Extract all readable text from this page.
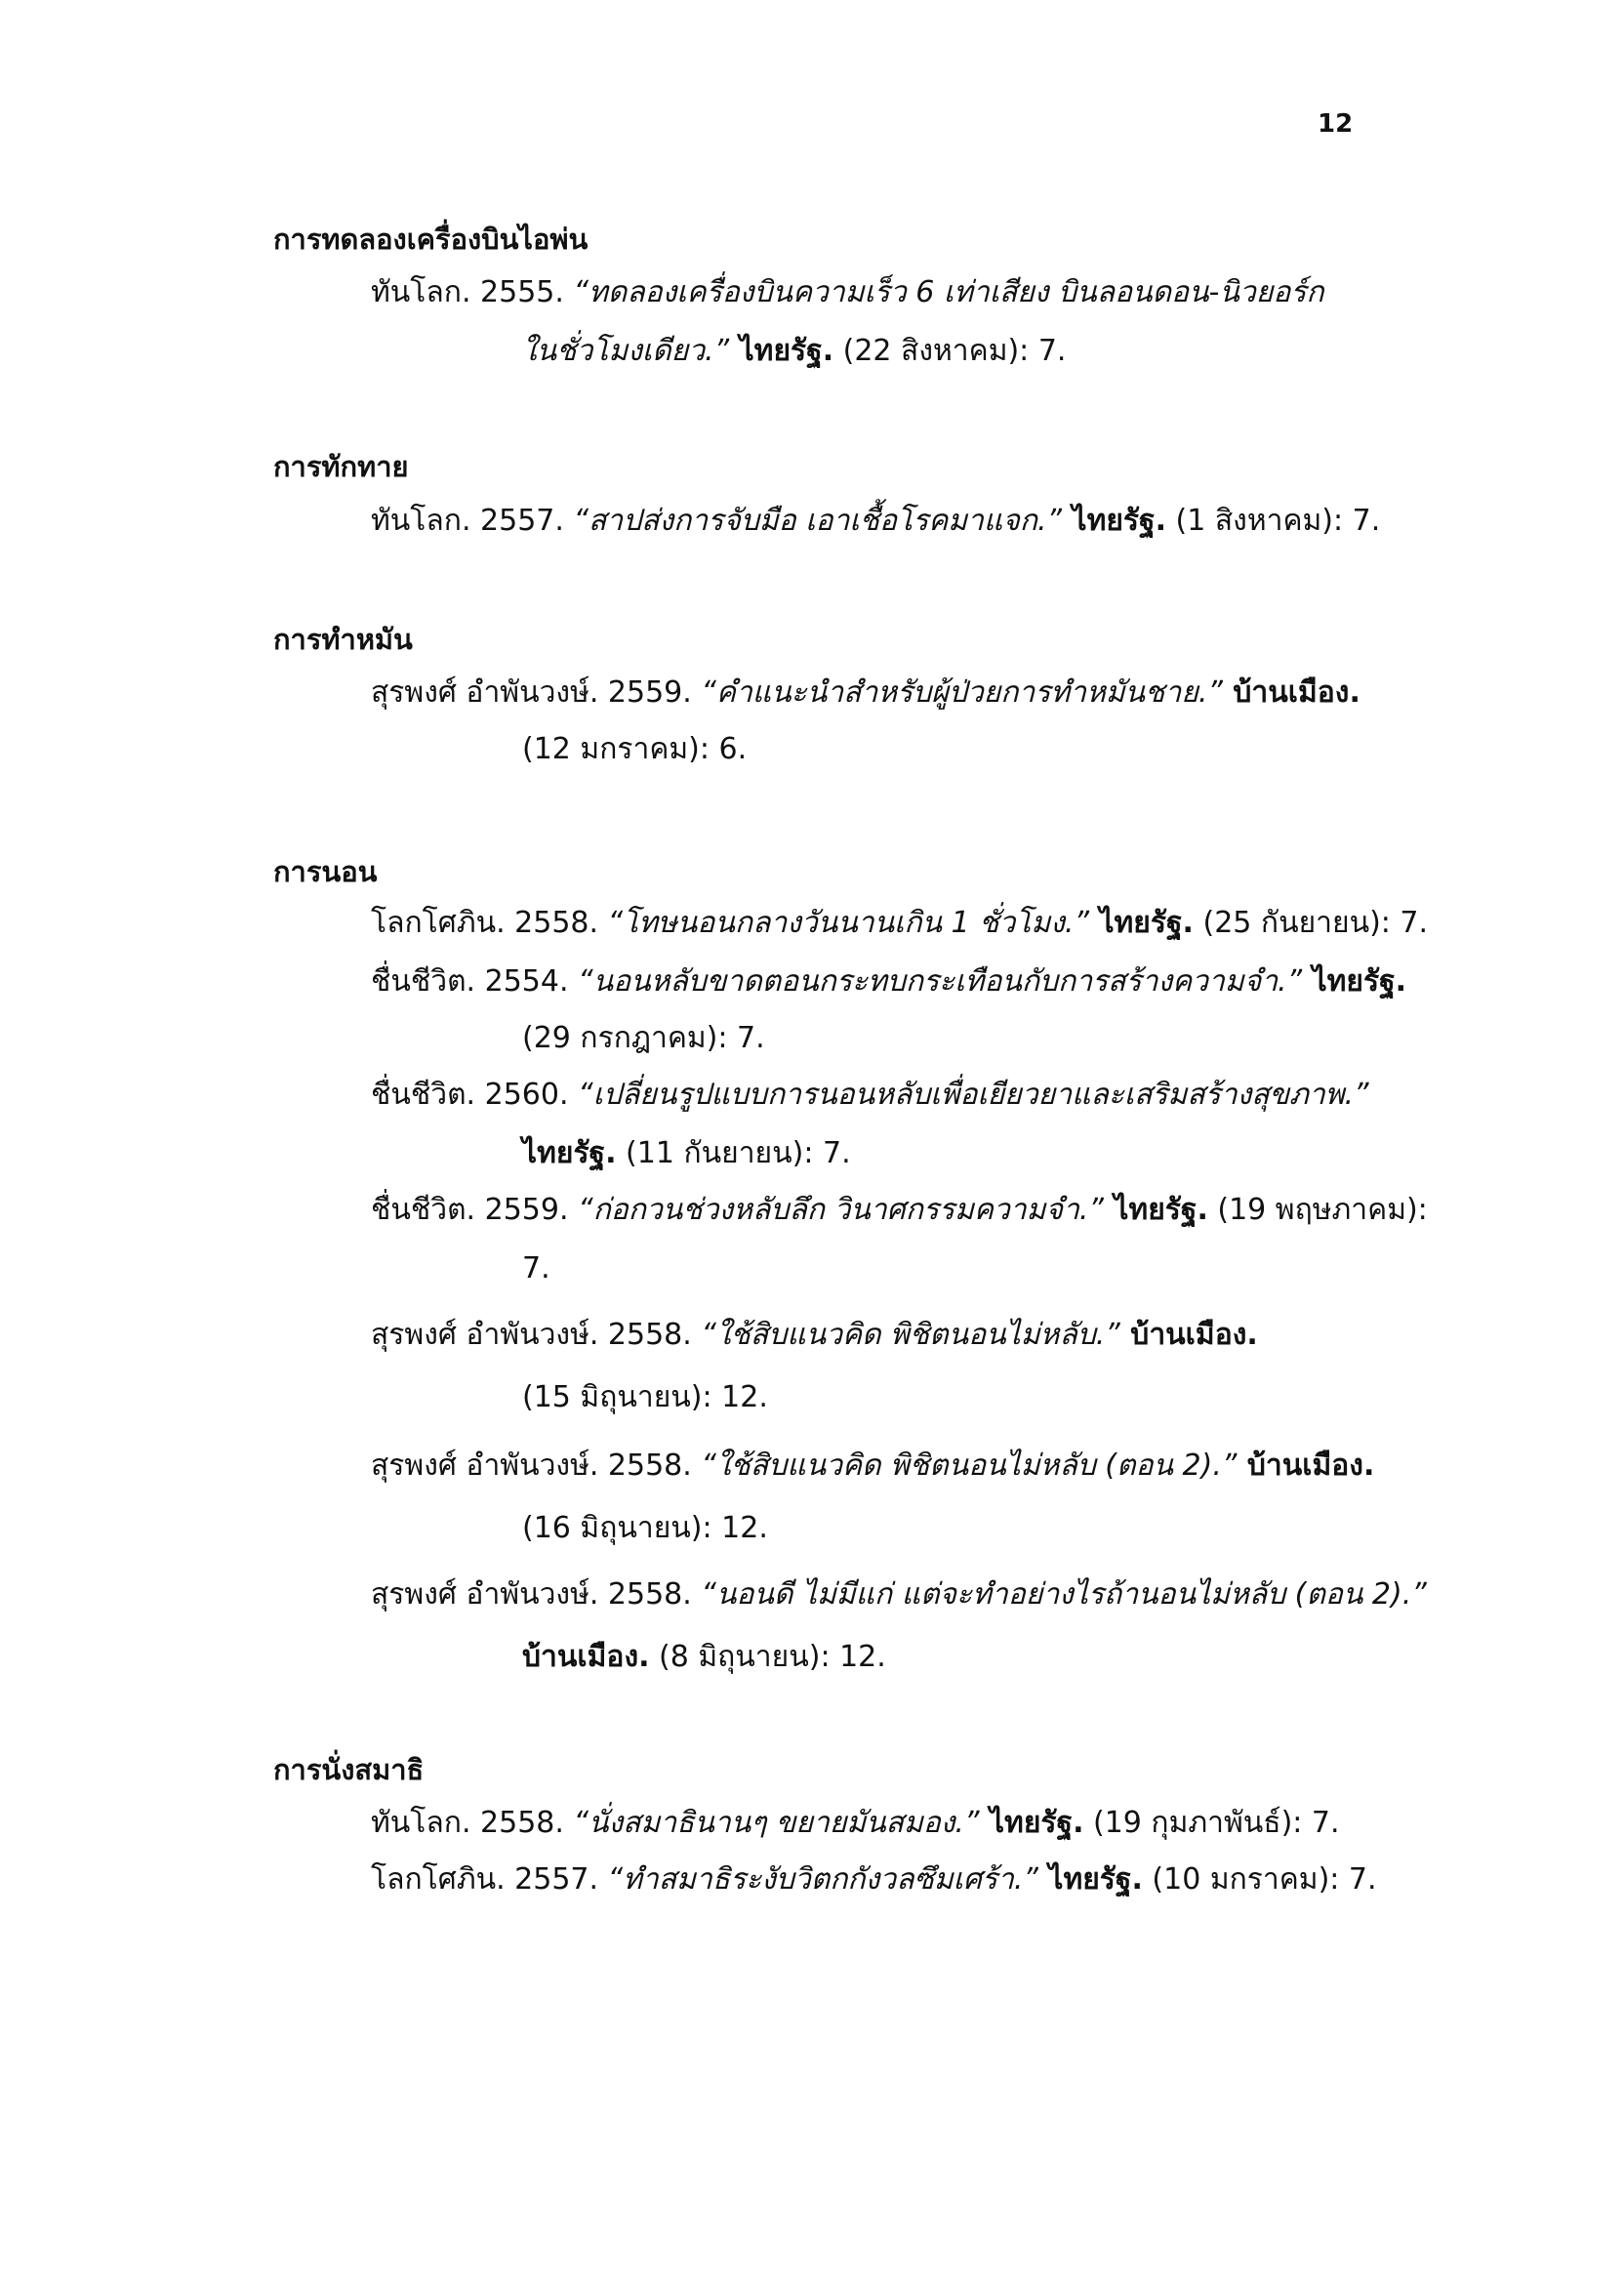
12
การทดลองเครื่องบินไอพ่น
ทันโลก. 2555. “ทดลองเครื่องบินความเร็ว 6 เท่าเสียง บินลอนดอน-นิวยอร์ก
ในชั่วโมงเดียว.” ไทยรัฐ. (22 สิงหาคม): 7.
การทักทาย
ทันโลก. 2557. “สาปส่งการจับมือ เอาเชื้อโรคมาแจก.” ไทยรัฐ. (1 สิงหาคม): 7.
การทำหมัน
สุรพงศ์ อำพันวงษ์. 2559. “คำแนะนำสำหรับผู้ป่วยการทำหมันชาย.” บ้านเมือง.
(12 มกราคม): 6.
การนอน
โลกโศภิน. 2558. “โทษนอนกลางวันนานเกิน 1 ชั่วโมง.” ไทยรัฐ. (25 กันยายน): 7.
ชื่นชีวิต. 2554. “นอนหลับขาดตอนกระทบกระเทือนกับการสร้างความจำ.” ไทยรัฐ.
(29 กรกฎาคม): 7.
ชื่นชีวิต. 2560. “เปลี่ยนรูปแบบการนอนหลับเพื่อเยียวยาและเสริมสร้างสุขภาพ.”
ไทยรัฐ. (11 กันยายน): 7.
ชื่นชีวิต. 2559. “ก่อกวนช่วงหลับลึก วินาศกรรมความจำ.” ไทยรัฐ. (19 พฤษภาคม):
7.
สุรพงศ์ อำพันวงษ์. 2558. “ใช้สิบแนวคิด พิชิตนอนไม่หลับ.” บ้านเมือง.
(15 มิถุนายน): 12.
สุรพงศ์ อำพันวงษ์. 2558. “ใช้สิบแนวคิด พิชิตนอนไม่หลับ (ตอน 2).” บ้านเมือง.
(16 มิถุนายน): 12.
สุรพงศ์ อำพันวงษ์. 2558. “นอนดี ไม่มีแก่ แต่จะทำอย่างไรถ้านอนไม่หลับ (ตอน 2).”
บ้านเมือง. (8 มิถุนายน): 12.
การนั่งสมาธิ
ทันโลก. 2558. “นั่งสมาธินานๆ ขยายมันสมอง.” ไทยรัฐ. (19 กุมภาพันธ์): 7.
โลกโศภิน. 2557. “ทำสมาธิระงับวิตกกังวลซึมเศร้า.” ไทยรัฐ. (10 มกราคม): 7.
